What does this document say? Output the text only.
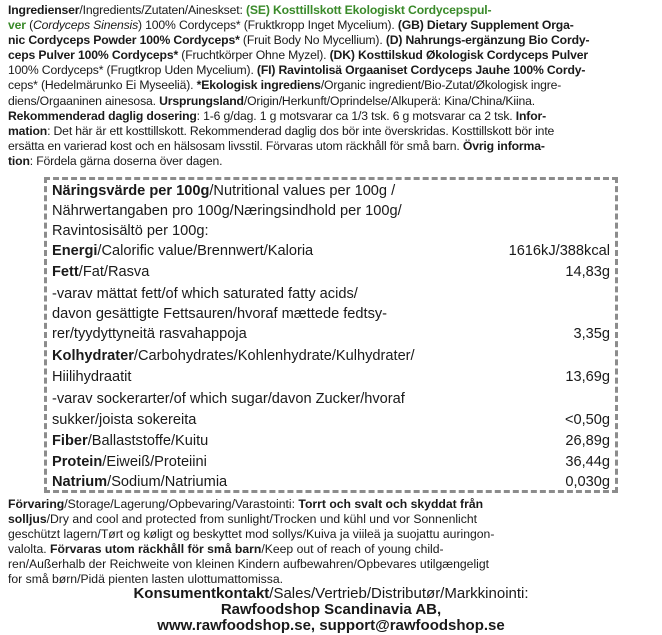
Ingredienser/Ingredients/Zutaten/Aineskset: (SE) Kosttillskott Ekologiskt Cordycepspul-
ver (Cordyceps Sinensis) 100% Cordyceps* (Fruktkropp Inget Mycelium). (GB) Dietary Supplement Orga-
nic Cordyceps Powder 100% Cordyceps* (Fruit Body No Mycellium). (D) Nahrungs-ergänzung Bio Cordy-
ceps Pulver 100% Cordyceps* (Fruchtkörper Ohne Myzel). (DK) Kosttilskud Økologisk Cordyceps Pulver
100% Cordyceps* (Frugtkrop Uden Mycelium). (FI) Ravintolisä Orgaaniset Cordyceps Jauhe 100% Cordy-
ceps* (Hedelmärunko Ei Myseeliä). *Ekologisk ingrediens/Organic ingredient/Bio-Zutat/Økologisk ingre-
diens/Orgaaninen ainesosa. Ursprungsland/Origin/Herkunft/Oprindelse/Alkuperä: Kina/China/Kiina.
Rekommenderad daglig dosering: 1-6 g/dag. 1 g motsvarar ca 1/3 tsk. 6 g motsvarar ca 2 tsk. Infor-
mation: Det här är ett kosttillskott. Rekommenderad daglig dos bör inte överskridas. Kosttillskott bör inte
ersätta en varierad kost och en hälsosam livsstil. Förvaras utom räckhåll för små barn. Övrig informa-
tion: Fördela gärna doserna över dagen.
Näringsvärde per 100g/Nutritional values per 100g /
Nährwertangaben pro 100g/Næringsindhold per 100g/
Ravintosisältö per 100g:
Energi/Calorific value/Brennwert/Kaloria	1616kJ/388kcal
Fett/Fat/Rasva	14,83g
-varav mättat fett/of which saturated fatty acids/
davon gesättigte Fettsauren/hvoraf mættede fedtsy-
rer/tyydyttyneitä rasvahappoja	3,35g
Kolhydrater/Carbohydrates/Kohlenhydrate/Kulhydrater/
Hiilihydraatit	13,69g
-varav sockerarter/of which sugar/davon Zucker/hvoraf
sukker/joista sokereita	<0,50g
Fiber/Ballaststoffe/Kuitu	26,89g
Protein/Eiweiß/Proteiini	36,44g
Natrium/Sodium/Natriumia	0,030g
Förvaring/Storage/Lagerung/Opbevaring/Varastointi: Torrt och svalt och skyddat från
solljus/Dry and cool and protected from sunlight/Trocken und kühl und vor Sonnenlicht
geschützt lagern/Tørt og køligt og beskyttet mod sollys/Kuiva ja viileä ja suojattu auringon-
valolta. Förvaras utom räckhåll för små barn/Keep out of reach of young child-
ren/Außerhalb der Reichweite von kleinen Kindern aufbewahren/Opbevares utilgængeligt
for små børn/Pidä pienten lasten ulottumattomissa.
Konsumentkontakt/Sales/Vertrieb/Distributør/Markkinointi:
Rawfoodshop Scandinavia AB,
www.rawfoodshop.se, support@rawfoodshop.se
